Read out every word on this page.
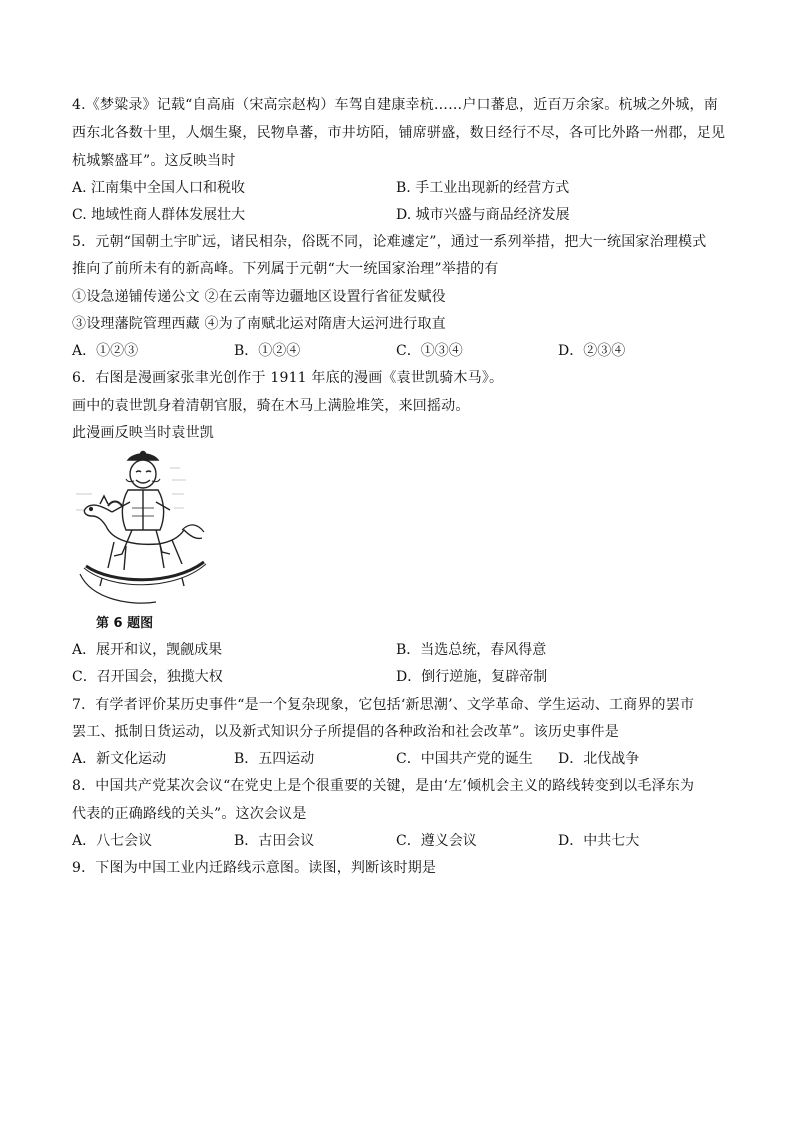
4.《梦粱录》记载“自高庙（宋高宗赵构）车驾自建康幸杭……户口蕃息，近百万余家。杭城之外城，南
西东北各数十里，人烟生聚，民物阜蕃，市井坊陌，铺席骈盛，数日经行不尽，各可比外路一州郡，足见
杭城繁盛耳”。这反映当时
A. 江南集中全国人口和税收	B. 手工业出现新的经营方式
C. 地域性商人群体发展壮大	D. 城市兴盛与商品经济发展
5．元朝“国朝土宇旷远，诸民相杂，俗既不同，论难遽定”，通过一系列举措，把大一统国家治理模式
推向了前所未有的新高峰。下列属于元朝“大一统国家治理”举措的有
①设急递铺传递公文 ②在云南等边疆地区设置行省征发赋役
③设理藩院管理西藏 ④为了南赋北运对隋唐大运河进行取直
A．①②③	B．①②④	C．①③④	D．②③④
6．右图是漫画家张聿光创作于 1911 年底的漫画《袁世凯骑木马》。
画中的袁世凯身着清朝官服，骑在木马上满脸堆笑，来回摇动。
此漫画反映当时袁世凯
第 6 题图
A．展开和议，觊觎成果	B．当选总统，春风得意
C．召开国会，独揽大权	D．倒行逆施，复辟帝制
7．有学者评价某历史事件“是一个复杂现象，它包括‘新思潮’、文学革命、学生运动、工商界的罢市
罢工、抵制日货运动，以及新式知识分子所提倡的各种政治和社会改革”。该历史事件是
A．新文化运动	B．五四运动	C．中国共产党的诞生 D．北伐战争
8．中国共产党某次会议“在党史上是个很重要的关键，是由‘左’倾机会主义的路线转变到以毛泽东为
代表的正确路线的关头”。这次会议是
A．八七会议	B．古田会议	C．遵义会议	D．中共七大
9．下图为中国工业内迁路线示意图。读图，判断该时期是
